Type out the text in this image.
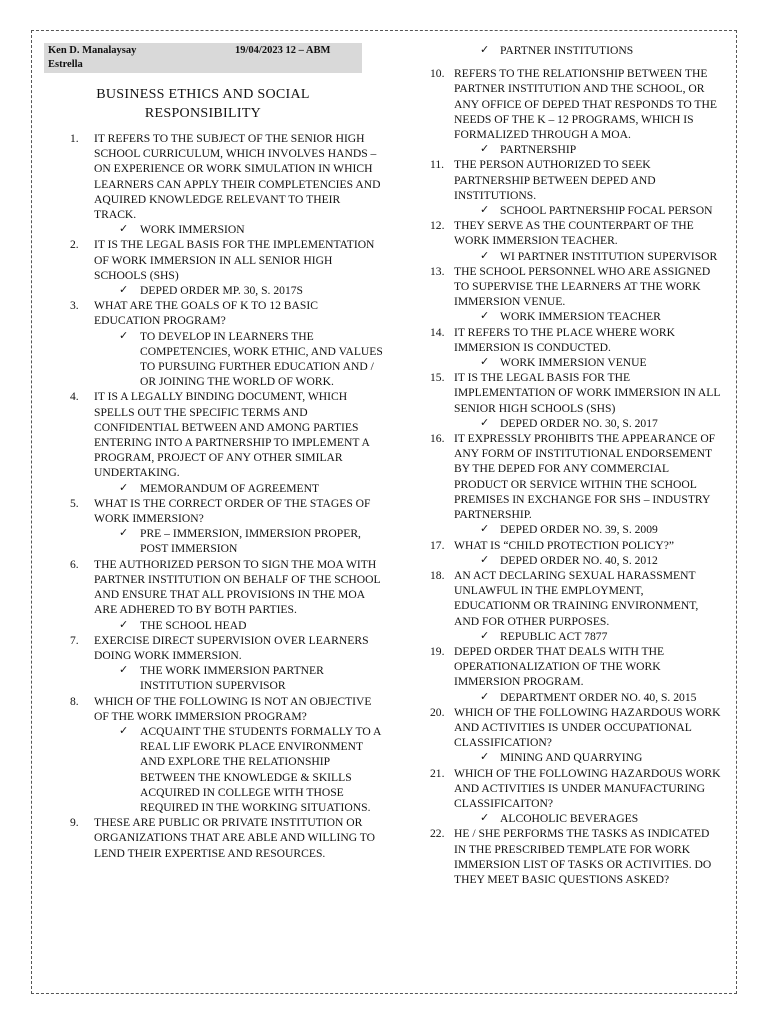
Ken D. Manalaysay	19/04/2023 12 – ABM
Estrella
BUSINESS ETHICS AND SOCIAL RESPONSIBILITY
1. IT REFERS TO THE SUBJECT OF THE SENIOR HIGH SCHOOL CURRICULUM, WHICH INVOLVES HANDS – ON EXPERIENCE OR WORK SIMULATION IN WHICH LEARNERS CAN APPLY THEIR COMPLETENCIES AND AQUIRED KNOWLEDGE RELEVANT TO THEIR TRACK.
✓ WORK IMMERSION
2. IT IS THE LEGAL BASIS FOR THE IMPLEMENTATION OF WORK IMMERSION IN ALL SENIOR HIGH SCHOOLS (SHS)
✓ DEPED ORDER MP. 30, S. 2017S
3. WHAT ARE THE GOALS OF K TO 12 BASIC EDUCATION PROGRAM?
✓ TO DEVELOP IN LEARNERS THE COMPETENCIES, WORK ETHIC, AND VALUES TO PURSUING FURTHER EDUCATION AND / OR JOINING THE WORLD OF WORK.
4. IT IS A LEGALLY BINDING DOCUMENT, WHICH SPELLS OUT THE SPECIFIC TERMS AND CONFIDENTIAL BETWEEN AND AMONG PARTIES ENTERING INTO A PARTNERSHIP TO IMPLEMENT A PROGRAM, PROJECT OF ANY OTHER SIMILAR UNDERTAKING.
✓ MEMORANDUM OF AGREEMENT
5. WHAT IS THE CORRECT ORDER OF THE STAGES OF WORK IMMERSION?
✓ PRE – IMMERSION, IMMERSION PROPER, POST IMMERSION
6. THE AUTHORIZED PERSON TO SIGN THE MOA WITH PARTNER INSTITUTION ON BEHALF OF THE SCHOOL AND ENSURE THAT ALL PROVISIONS IN THE MOA ARE ADHERED TO BY BOTH PARTIES.
✓ THE SCHOOL HEAD
7. EXERCISE DIRECT SUPERVISION OVER LEARNERS DOING WORK IMMERSION.
✓ THE WORK IMMERSION PARTNER INSTITUTION SUPERVISOR
8. WHICH OF THE FOLLOWING IS NOT AN OBJECTIVE OF THE WORK IMMERSION PROGRAM?
✓ ACQUAINT THE STUDENTS FORMALLY TO A REAL LIF EWORK PLACE ENVIRONMENT AND EXPLORE THE RELATIONSHIP BETWEEN THE KNOWLEDGE & SKILLS ACQUIRED IN COLLEGE WITH THOSE REQUIRED IN THE WORKING SITUATIONS.
9. THESE ARE PUBLIC OR PRIVATE INSTITUTION OR ORGANIZATIONS THAT ARE ABLE AND WILLING TO LEND THEIR EXPERTISE AND RESOURCES.
✓ PARTNER INSTITUTIONS
10. REFERS TO THE RELATIONSHIP BETWEEN THE PARTNER INSTITUTION AND THE SCHOOL, OR ANY OFFICE OF DEPED THAT RESPONDS TO THE NEEDS OF THE K – 12 PROGRAMS, WHICH IS FORMALIZED THROUGH A MOA.
✓ PARTNERSHIP
11. THE PERSON AUTHORIZED TO SEEK PARTNERSHIP BETWEEN DEPED AND INSTITUTIONS.
✓ SCHOOL PARTNERSHIP FOCAL PERSON
12. THEY SERVE AS THE COUNTERPART OF THE WORK IMMERSION TEACHER.
✓ WI PARTNER INSTITUTION SUPERVISOR
13. THE SCHOOL PERSONNEL WHO ARE ASSIGNED TO SUPERVISE THE LEARNERS AT THE WORK IMMERSION VENUE.
✓ WORK IMMERSION TEACHER
14. IT REFERS TO THE PLACE WHERE WORK IMMERSION IS CONDUCTED.
✓ WORK IMMERSION VENUE
15. IT IS THE LEGAL BASIS FOR THE IMPLEMENTATION OF WORK IMMERSION IN ALL SENIOR HIGH SCHOOLS (SHS)
✓ DEPED ORDER NO. 30, S. 2017
16. IT EXPRESSLY PROHIBITS THE APPEARANCE OF ANY FORM OF INSTITUTIONAL ENDORSEMENT BY THE DEPED FOR ANY COMMERCIAL PRODUCT OR SERVICE WITHIN THE SCHOOL PREMISES IN EXCHANGE FOR SHS – INDUSTRY PARTNERSHIP.
✓ DEPED ORDER NO. 39, S. 2009
17. WHAT IS “CHILD PROTECTION POLICY?”
✓ DEPED ORDER NO. 40, S. 2012
18. AN ACT DECLARING SEXUAL HARASSMENT UNLAWFUL IN THE EMPLOYMENT, EDUCATIONM OR TRAINING ENVIRONMENT, AND FOR OTHER PURPOSES.
✓ REPUBLIC ACT 7877
19. DEPED ORDER THAT DEALS WITH THE OPERATIONALIZATION OF THE WORK IMMERSION PROGRAM.
✓ DEPARTMENT ORDER NO. 40, S. 2015
20. WHICH OF THE FOLLOWING HAZARDOUS WORK AND ACTIVITIES IS UNDER OCCUPATIONAL CLASSIFICATION?
✓ MINING AND QUARRYING
21. WHICH OF THE FOLLOWING HAZARDOUS WORK AND ACTIVITIES IS UNDER MANUFACTURING CLASSIFICAITON?
✓ ALCOHOLIC BEVERAGES
22. HE / SHE PERFORMS THE TASKS AS INDICATED IN THE PRESCRIBED TEMPLATE FOR WORK IMMERSION LIST OF TASKS OR ACTIVITIES. DO THEY MEET BASIC QUESTIONS ASKED?
